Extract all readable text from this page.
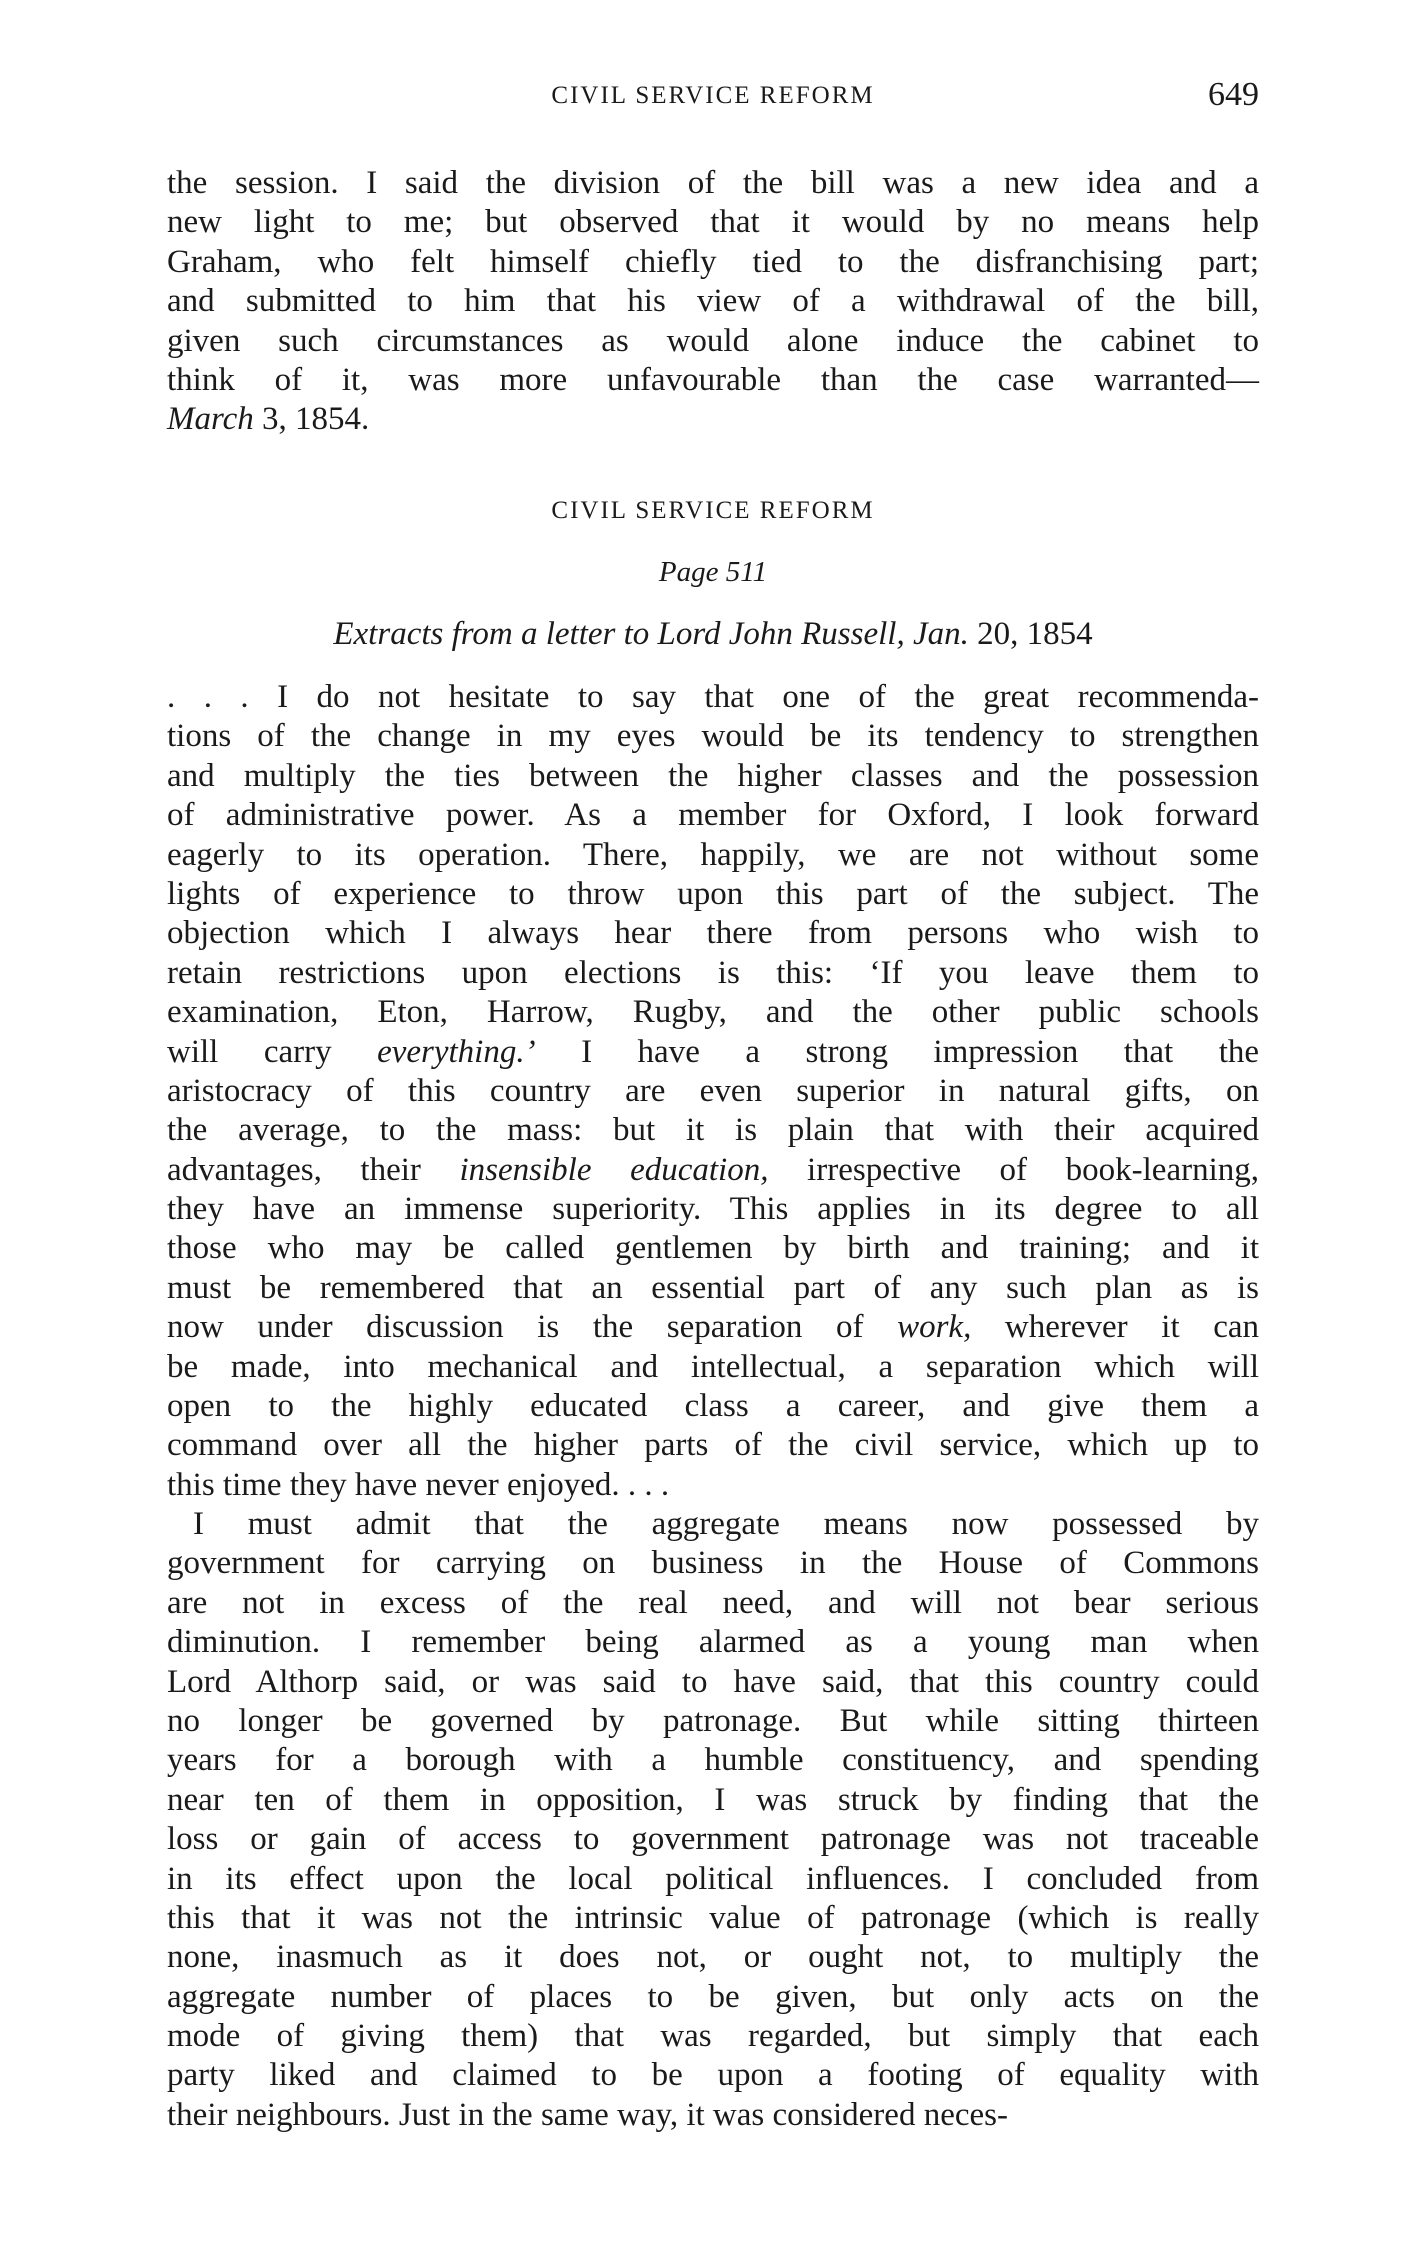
CIVIL SERVICE REFORM	649
the session. I said the division of the bill was a new idea and a
new light to me; but observed that it would by no means help
Graham, who felt himself chiefly tied to the disfranchising part;
and submitted to him that his view of a withdrawal of the bill,
given such circumstances as would alone induce the cabinet to
think of it, was more unfavourable than the case warranted—
March 3, 1854.
CIVIL SERVICE REFORM
Page 511
Extracts from a letter to Lord John Russell, Jan. 20, 1854
. . . I do not hesitate to say that one of the great recommenda-
tions of the change in my eyes would be its tendency to strengthen
and multiply the ties between the higher classes and the possession
of administrative power. As a member for Oxford, I look forward
eagerly to its operation. There, happily, we are not without some
lights of experience to throw upon this part of the subject. The
objection which I always hear there from persons who wish to
retain restrictions upon elections is this: ‘If you leave them to
examination, Eton, Harrow, Rugby, and the other public schools
will carry everything.’ I have a strong impression that the
aristocracy of this country are even superior in natural gifts, on
the average, to the mass: but it is plain that with their acquired
advantages, their insensible education, irrespective of book-learning,
they have an immense superiority. This applies in its degree to all
those who may be called gentlemen by birth and training; and it
must be remembered that an essential part of any such plan as is
now under discussion is the separation of work, wherever it can
be made, into mechanical and intellectual, a separation which will
open to the highly educated class a career, and give them a
command over all the higher parts of the civil service, which up to
this time they have never enjoyed. . . .
I must admit that the aggregate means now possessed by
government for carrying on business in the House of Commons
are not in excess of the real need, and will not bear serious
diminution. I remember being alarmed as a young man when
Lord Althorp said, or was said to have said, that this country could
no longer be governed by patronage. But while sitting thirteen
years for a borough with a humble constituency, and spending
near ten of them in opposition, I was struck by finding that the
loss or gain of access to government patronage was not traceable
in its effect upon the local political influences. I concluded from
this that it was not the intrinsic value of patronage (which is really
none, inasmuch as it does not, or ought not, to multiply the
aggregate number of places to be given, but only acts on the
mode of giving them) that was regarded, but simply that each
party liked and claimed to be upon a footing of equality with
their neighbours. Just in the same way, it was considered neces-
